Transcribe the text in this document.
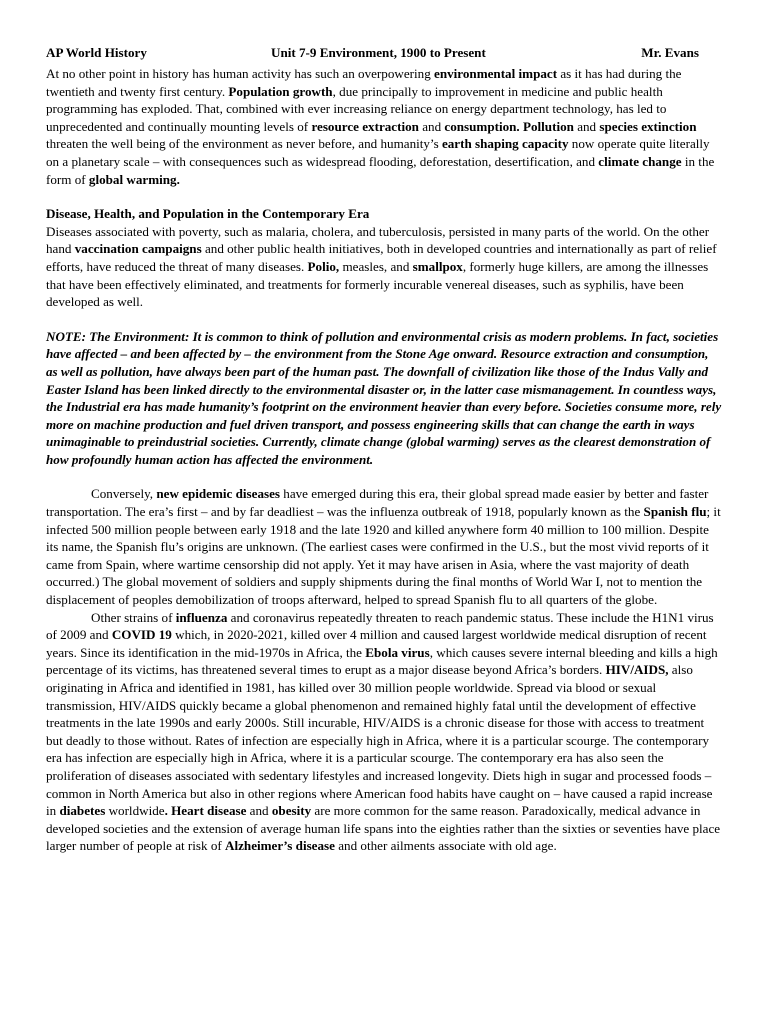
AP World History	Unit 7-9 Environment, 1900 to Present	Mr. Evans

At no other point in history has human activity has such an overpowering environmental impact as it has had during the twentieth and twenty first century. Population growth, due principally to improvement in medicine and public health programming has exploded. That, combined with ever increasing reliance on energy department technology, has led to unprecedented and continually mounting levels of resource extraction and consumption. Pollution and species extinction threaten the well being of the environment as never before, and humanity’s earth shaping capacity now operate quite literally on a planetary scale – with consequences such as widespread flooding, deforestation, desertification, and climate change in the form of global warming.

Disease, Health, and Population in the Contemporary Era

Diseases associated with poverty, such as malaria, cholera, and tuberculosis, persisted in many parts of the world. On the other hand vaccination campaigns and other public health initiatives, both in developed countries and internationally as part of relief efforts, have reduced the threat of many diseases. Polio, measles, and smallpox, formerly huge killers, are among the illnesses that have been effectively eliminated, and treatments for formerly incurable venereal diseases, such as syphilis, have been developed as well.

NOTE: The Environment: It is common to think of pollution and environmental crisis as modern problems. In fact, societies have affected – and been affected by – the environment from the Stone Age onward. Resource extraction and consumption, as well as pollution, have always been part of the human past. The downfall of civilization like those of the Indus Vally and Easter Island has been linked directly to the environmental disaster or, in the latter case mismanagement. In countless ways, the Industrial era has made humanity’s footprint on the environment heavier than every before. Societies consume more, rely more on machine production and fuel driven transport, and possess engineering skills that can change the earth in ways unimaginable to preindustrial societies. Currently, climate change (global warming) serves as the clearest demonstration of how profoundly human action has affected the environment.

Conversely, new epidemic diseases have emerged during this era, their global spread made easier by better and faster transportation. The era’s first – and by far deadliest – was the influenza outbreak of 1918, popularly known as the Spanish flu; it infected 500 million people between early 1918 and the late 1920 and killed anywhere form 40 million to 100 million. Despite its name, the Spanish flu’s origins are unknown. (The earliest cases were confirmed in the U.S., but the most vivid reports of it came from Spain, where wartime censorship did not apply. Yet it may have arisen in Asia, where the vast majority of death occurred.) The global movement of soldiers and supply shipments during the final months of World War I, not to mention the displacement of peoples demobilization of troops afterward, helped to spread Spanish flu to all quarters of the globe.

Other strains of influenza and coronavirus repeatedly threaten to reach pandemic status. These include the H1N1 virus of 2009 and COVID 19 which, in 2020-2021, killed over 4 million and caused largest worldwide medical disruption of recent years. Since its identification in the mid-1970s in Africa, the Ebola virus, which causes severe internal bleeding and kills a high percentage of its victims, has threatened several times to erupt as a major disease beyond Africa’s borders. HIV/AIDS, also originating in Africa and identified in 1981, has killed over 30 million people worldwide. Spread via blood or sexual transmission, HIV/AIDS quickly became a global phenomenon and remained highly fatal until the development of effective treatments in the late 1990s and early 2000s. Still incurable, HIV/AIDS is a chronic disease for those with access to treatment but deadly to those without. Rates of infection are especially high in Africa, where it is a particular scourge. The contemporary era has infection are especially high in Africa, where it is a particular scourge. The contemporary era has also seen the proliferation of diseases associated with sedentary lifestyles and increased longevity. Diets high in sugar and processed foods – common in North America but also in other regions where American food habits have caught on – have caused a rapid increase in diabetes worldwide. Heart disease and obesity are more common for the same reason. Paradoxically, medical advance in developed societies and the extension of average human life spans into the eighties rather than the sixties or seventies have place larger number of people at risk of Alzheimer’s disease and other ailments associate with old age.
